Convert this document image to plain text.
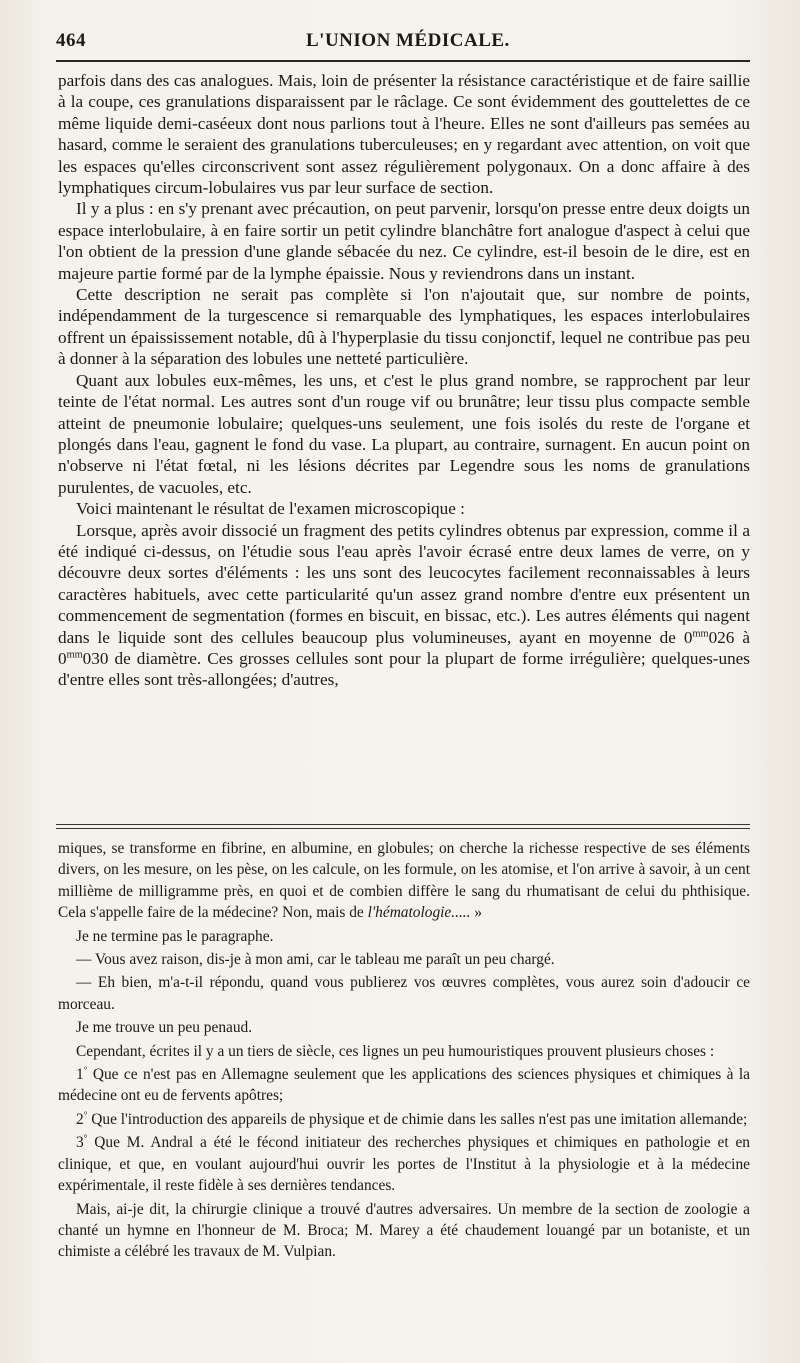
464	L'UNION MÉDICALE.

parfois dans des cas analogues. Mais, loin de présenter la résistance caractéristique et de faire saillie à la coupe, ces granulations disparaissent par le râclage. Ce sont évidemment des gouttelettes de ce même liquide demi-caséeux dont nous parlions tout à l'heure. Elles ne sont d'ailleurs pas semées au hasard, comme le seraient des granulations tuberculeuses; en y regardant avec attention, on voit que les espaces qu'elles circonscrivent sont assez régulièrement polygonaux. On a donc affaire à des lymphatiques circum-lobulaires vus par leur surface de section.

Il y a plus : en s'y prenant avec précaution, on peut parvenir, lorsqu'on presse entre deux doigts un espace interlobulaire, à en faire sortir un petit cylindre blanchâtre fort analogue d'aspect à celui que l'on obtient de la pression d'une glande sébacée du nez. Ce cylindre, est-il besoin de le dire, est en majeure partie formé par de la lymphe épaissie. Nous y reviendrons dans un instant.

Cette description ne serait pas complète si l'on n'ajoutait que, sur nombre de points, indépendamment de la turgescence si remarquable des lymphatiques, les espaces interlobulaires offrent un épaississement notable, dû à l'hyperplasie du tissu conjonctif, lequel ne contribue pas peu à donner à la séparation des lobules une netteté particulière.

Quant aux lobules eux-mêmes, les uns, et c'est le plus grand nombre, se rapprochent par leur teinte de l'état normal. Les autres sont d'un rouge vif ou brunâtre; leur tissu plus compacte semble atteint de pneumonie lobulaire; quelques-uns seulement, une fois isolés du reste de l'organe et plongés dans l'eau, gagnent le fond du vase. La plupart, au contraire, surnagent. En aucun point on n'observe ni l'état fœtal, ni les lésions décrites par Legendre sous les noms de granulations purulentes, de vacuoles, etc.

Voici maintenant le résultat de l'examen microscopique :

Lorsque, après avoir dissocié un fragment des petits cylindres obtenus par expression, comme il a été indiqué ci-dessus, on l'étudie sous l'eau après l'avoir écrasé entre deux lames de verre, on y découvre deux sortes d'éléments : les uns sont des leucocytes facilement reconnaissables à leurs caractères habituels, avec cette particularité qu'un assez grand nombre d'entre eux présentent un commencement de segmentation (formes en biscuit, en bissac, etc.). Les autres éléments qui nagent dans le liquide sont des cellules beaucoup plus volumineuses, ayant en moyenne de $0^{mm}026$ à $0^{mm}030$ de diamètre. Ces grosses cellules sont pour la plupart de forme irrégulière; quelques-unes d'entre elles sont très-allongées; d'autres,

miques, se transforme en fibrine, en albumine, en globules; on cherche la richesse respective de ses éléments divers, on les mesure, on les pèse, on les calcule, on les formule, on les atomise, et l'on arrive à savoir, à un cent millième de milligramme près, en quoi et de combien diffère le sang du rhumatisant de celui du phthisique. Cela s'appelle faire de la médecine? Non, mais de l'hématologie..... »

Je ne termine pas le paragraphe.

— Vous avez raison, dis-je à mon ami, car le tableau me paraît un peu chargé.

— Eh bien, m'a-t-il répondu, quand vous publierez vos œuvres complètes, vous aurez soin d'adoucir ce morceau.

Je me trouve un peu penaud.

Cependant, écrites il y a un tiers de siècle, ces lignes un peu humouristiques prouvent plusieurs choses :

1° Que ce n'est pas en Allemagne seulement que les applications des sciences physiques et chimiques à la médecine ont eu de fervents apôtres;

2° Que l'introduction des appareils de physique et de chimie dans les salles n'est pas une imitation allemande;

3° Que M. Andral a été le fécond initiateur des recherches physiques et chimiques en pathologie et en clinique, et que, en voulant aujourd'hui ouvrir les portes de l'Institut à la physiologie et à la médecine expérimentale, il reste fidèle à ses dernières tendances.

Mais, ai-je dit, la chirurgie clinique a trouvé d'autres adversaires. Un membre de la section de zoologie a chanté un hymne en l'honneur de M. Broca; M. Marey a été chaudement louangé par un botaniste, et un chimiste a célébré les travaux de M. Vulpian.
